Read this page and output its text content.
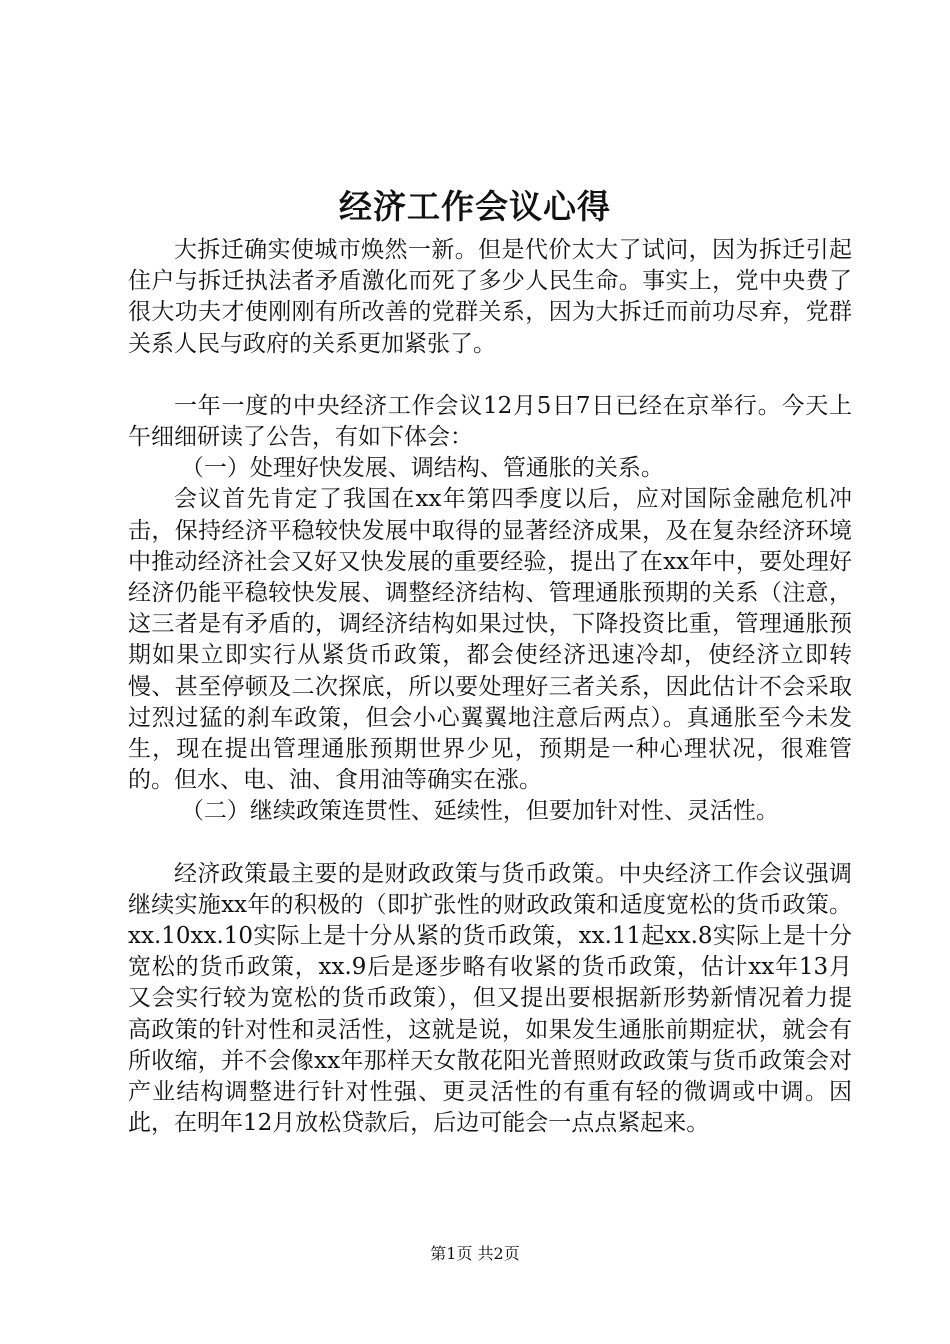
经济工作会议心得

大拆迁确实使城市焕然一新。但是代价太大了试问，因为拆迁引起住户与拆迁执法者矛盾激化而死了多少人民生命。事实上，党中央费了很大功夫才使刚刚有所改善的党群关系，因为大拆迁而前功尽弃，党群关系人民与政府的关系更加紧张了。

一年一度的中央经济工作会议12月5日7日已经在京举行。今天上午细细研读了公告，有如下体会：

（一）处理好快发展、调结构、管通胀的关系。

会议首先肯定了我国在xx年第四季度以后，应对国际金融危机冲击，保持经济平稳较快发展中取得的显著经济成果，及在复杂经济环境中推动经济社会又好又快发展的重要经验，提出了在xx年中，要处理好经济仍能平稳较快发展、调整经济结构、管理通胀预期的关系（注意，这三者是有矛盾的，调经济结构如果过快，下降投资比重，管理通胀预期如果立即实行从紧货币政策，都会使经济迅速冷却，使经济立即转慢、甚至停顿及二次探底，所以要处理好三者关系，因此估计不会采取过烈过猛的刹车政策，但会小心翼翼地注意后两点）。真通胀至今未发生，现在提出管理通胀预期世界少见，预期是一种心理状况，很难管的。但水、电、油、食用油等确实在涨。

（二）继续政策连贯性、延续性，但要加针对性、灵活性。

经济政策最主要的是财政政策与货币政策。中央经济工作会议强调继续实施xx年的积极的（即扩张性的财政政策和适度宽松的货币政策。xx.10xx.10实际上是十分从紧的货币政策，xx.11起xx.8实际上是十分宽松的货币政策，xx.9后是逐步略有收紧的货币政策，估计xx年13月又会实行较为宽松的货币政策），但又提出要根据新形势新情况着力提高政策的针对性和灵活性，这就是说，如果发生通胀前期症状，就会有所收缩，并不会像xx年那样天女散花阳光普照财政政策与货币政策会对产业结构调整进行针对性强、更灵活性的有重有轻的微调或中调。因此，在明年12月放松贷款后，后边可能会一点点紧起来。

第1页 共2页
